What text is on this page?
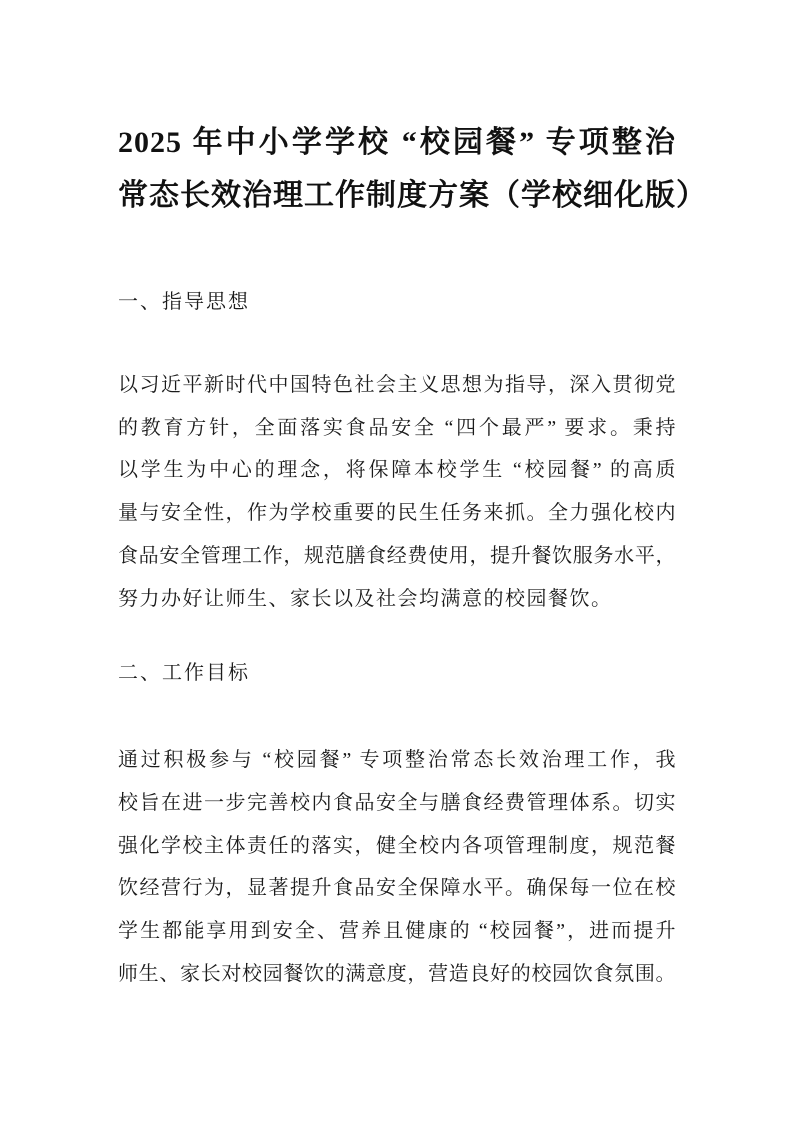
2025 年中小学学校 “校园餐” 专项整治
常态长效治理工作制度方案（学校细化版）
一、指导思想
以习近平新时代中国特色社会主义思想为指导，深入贯彻党
的教育方针，全面落实食品安全 “四个最严” 要求。秉持
以学生为中心的理念，将保障本校学生 “校园餐” 的高质
量与安全性，作为学校重要的民生任务来抓。全力强化校内
食品安全管理工作，规范膳食经费使用，提升餐饮服务水平，
努力办好让师生、家长以及社会均满意的校园餐饮。
二、工作目标
通过积极参与 “校园餐” 专项整治常态长效治理工作，我
校旨在进一步完善校内食品安全与膳食经费管理体系。切实
强化学校主体责任的落实，健全校内各项管理制度，规范餐
饮经营行为，显著提升食品安全保障水平。确保每一位在校
学生都能享用到安全、营养且健康的 “校园餐”，进而提升
师生、家长对校园餐饮的满意度，营造良好的校园饮食氛围。
